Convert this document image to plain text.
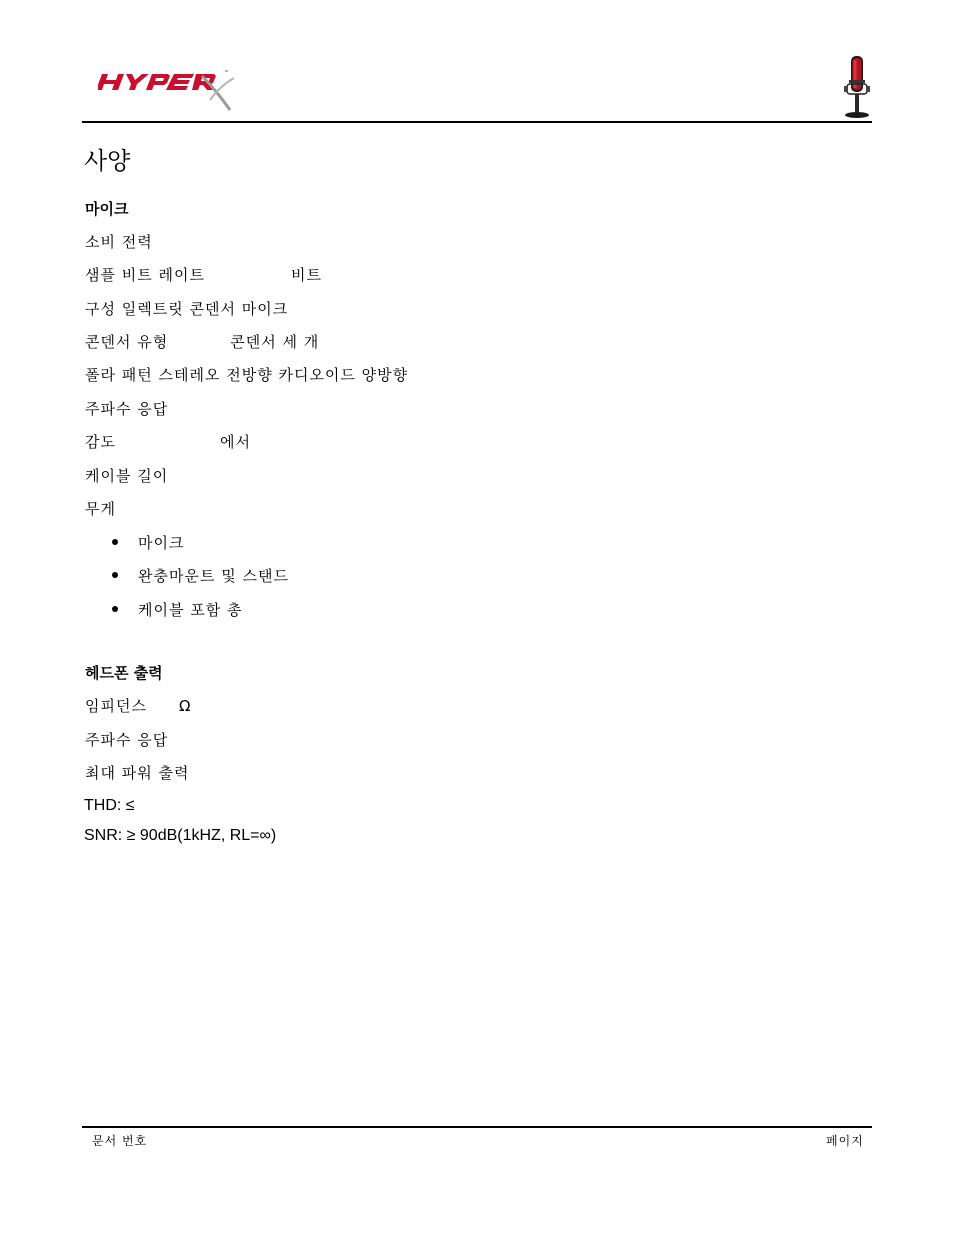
™
사양
마이크
소비 전력
샘플 비트 레이트	비트
구성 일렉트릿 콘덴서 마이크
콘덴서 유형	콘덴서 세 개
폴라 패턴 스테레오 전방향 카디오이드 양방향
주파수 응답
감도	에서
케이블 길이
무게
마이크
완충마운트 및 스탠드
케이블 포함 총
헤드폰 출력
임피던스 Ω
주파수 응답
최대 파워 출력
THD: ≤
SNR: ≥ 90dB(1kHZ, RL=∞)
문서 번호	페이지
